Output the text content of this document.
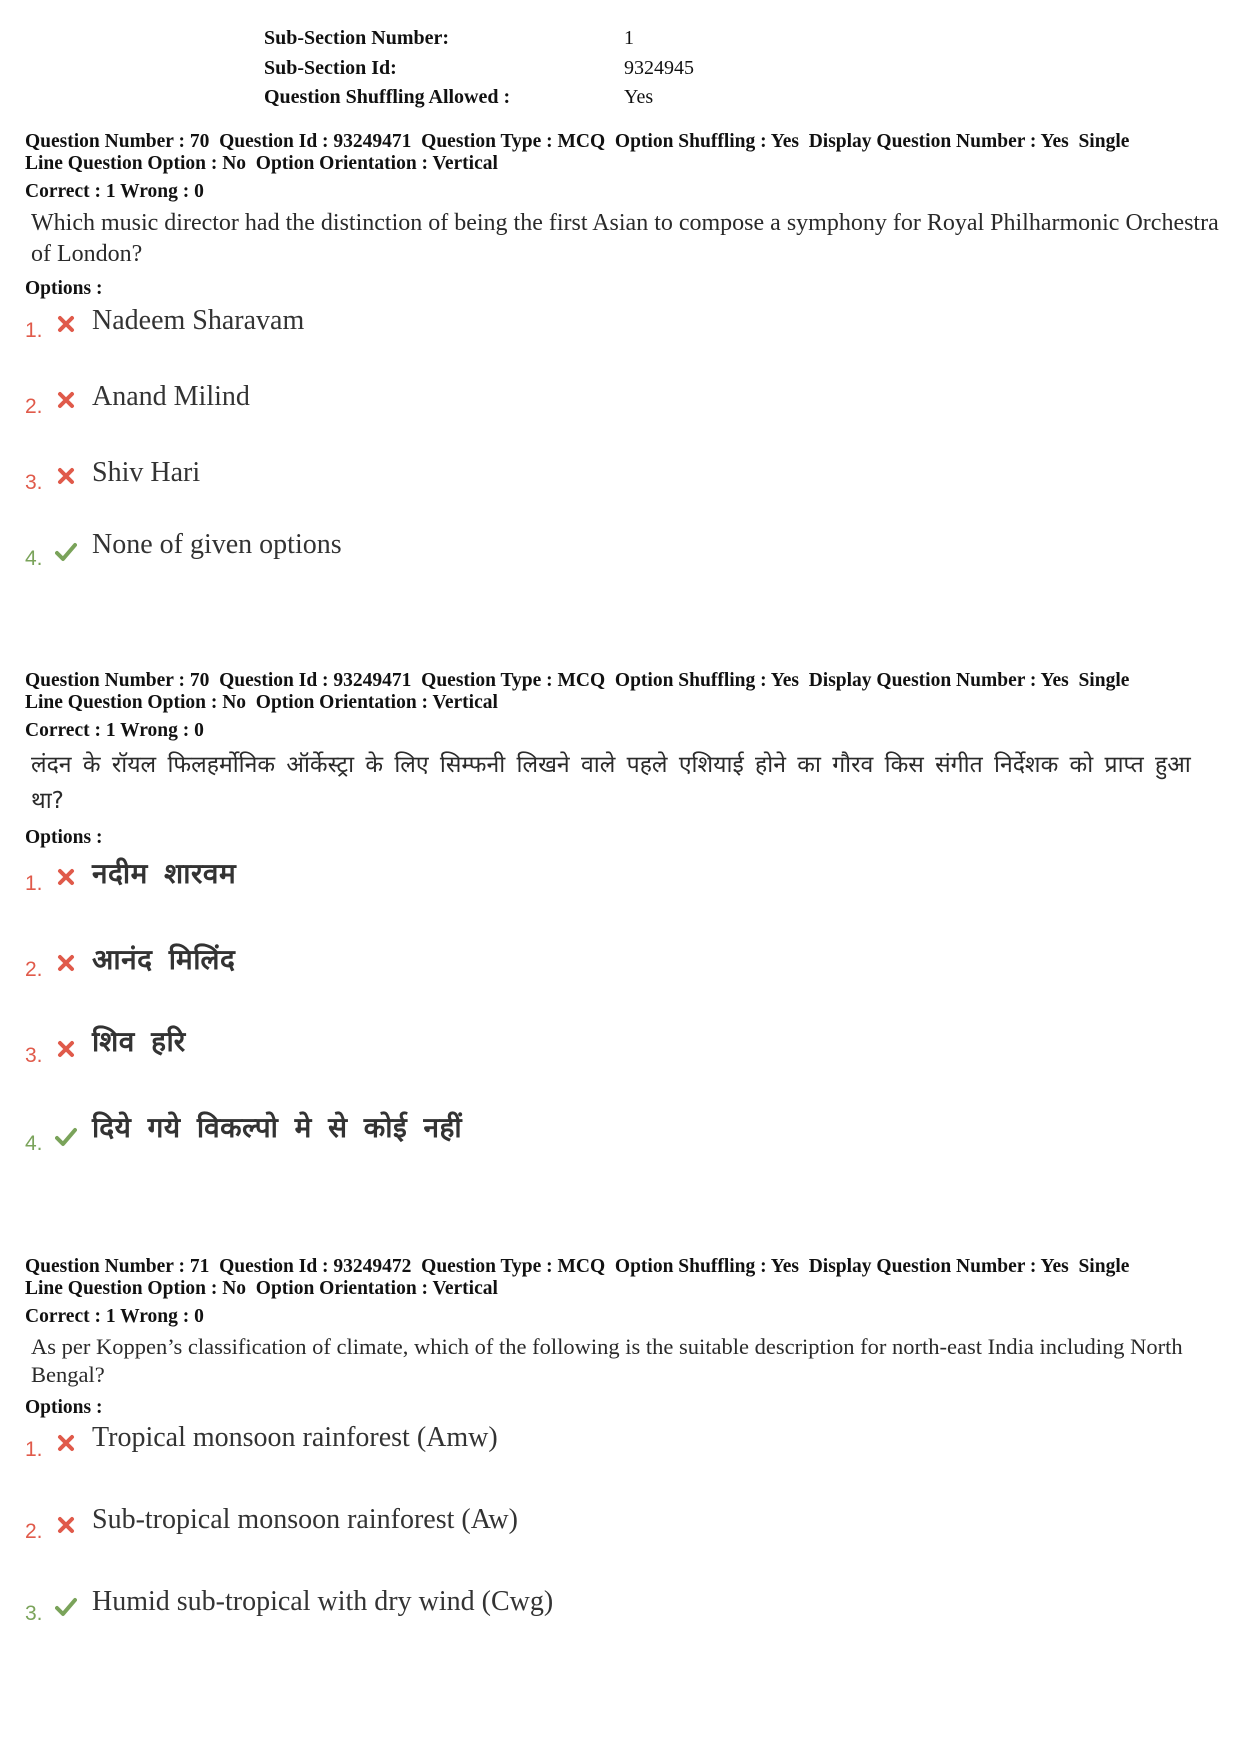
Sub-Section Number:	1
Sub-Section Id:	9324945
Question Shuffling Allowed :	Yes
Question Number : 70  Question Id : 93249471  Question Type : MCQ  Option Shuffling : Yes  Display Question Number : Yes  Single
Line Question Option : No  Option Orientation : Vertical
Correct : 1 Wrong : 0
Which music director had the distinction of being the first Asian to compose a symphony for Royal Philharmonic Orchestra of London?
Options :
1. Nadeem Sharavam
2. Anand Milind
3. Shiv Hari
4. None of given options
Question Number : 70  Question Id : 93249471  Question Type : MCQ  Option Shuffling : Yes  Display Question Number : Yes  Single
Line Question Option : No  Option Orientation : Vertical
Correct : 1 Wrong : 0
लंदन के रॉयल फिलहर्मोनिक ऑर्केस्ट्रा के लिए सिम्फनी लिखने वाले पहले एशियाई होने का गौरव किस संगीत निर्देशक को प्राप्त हुआ था?
Options :
1. नदीम शारवम
2. आनंद मिलिंद
3. शिव हरि
4. दिये गये विकल्पो मे से कोई नहीं
Question Number : 71  Question Id : 93249472  Question Type : MCQ  Option Shuffling : Yes  Display Question Number : Yes  Single
Line Question Option : No  Option Orientation : Vertical
Correct : 1 Wrong : 0
As per Koppen’s classification of climate, which of the following is the suitable description for north-east India including North Bengal?
Options :
1. Tropical monsoon rainforest (Amw)
2. Sub-tropical monsoon rainforest (Aw)
3. Humid sub-tropical with dry wind (Cwg)
